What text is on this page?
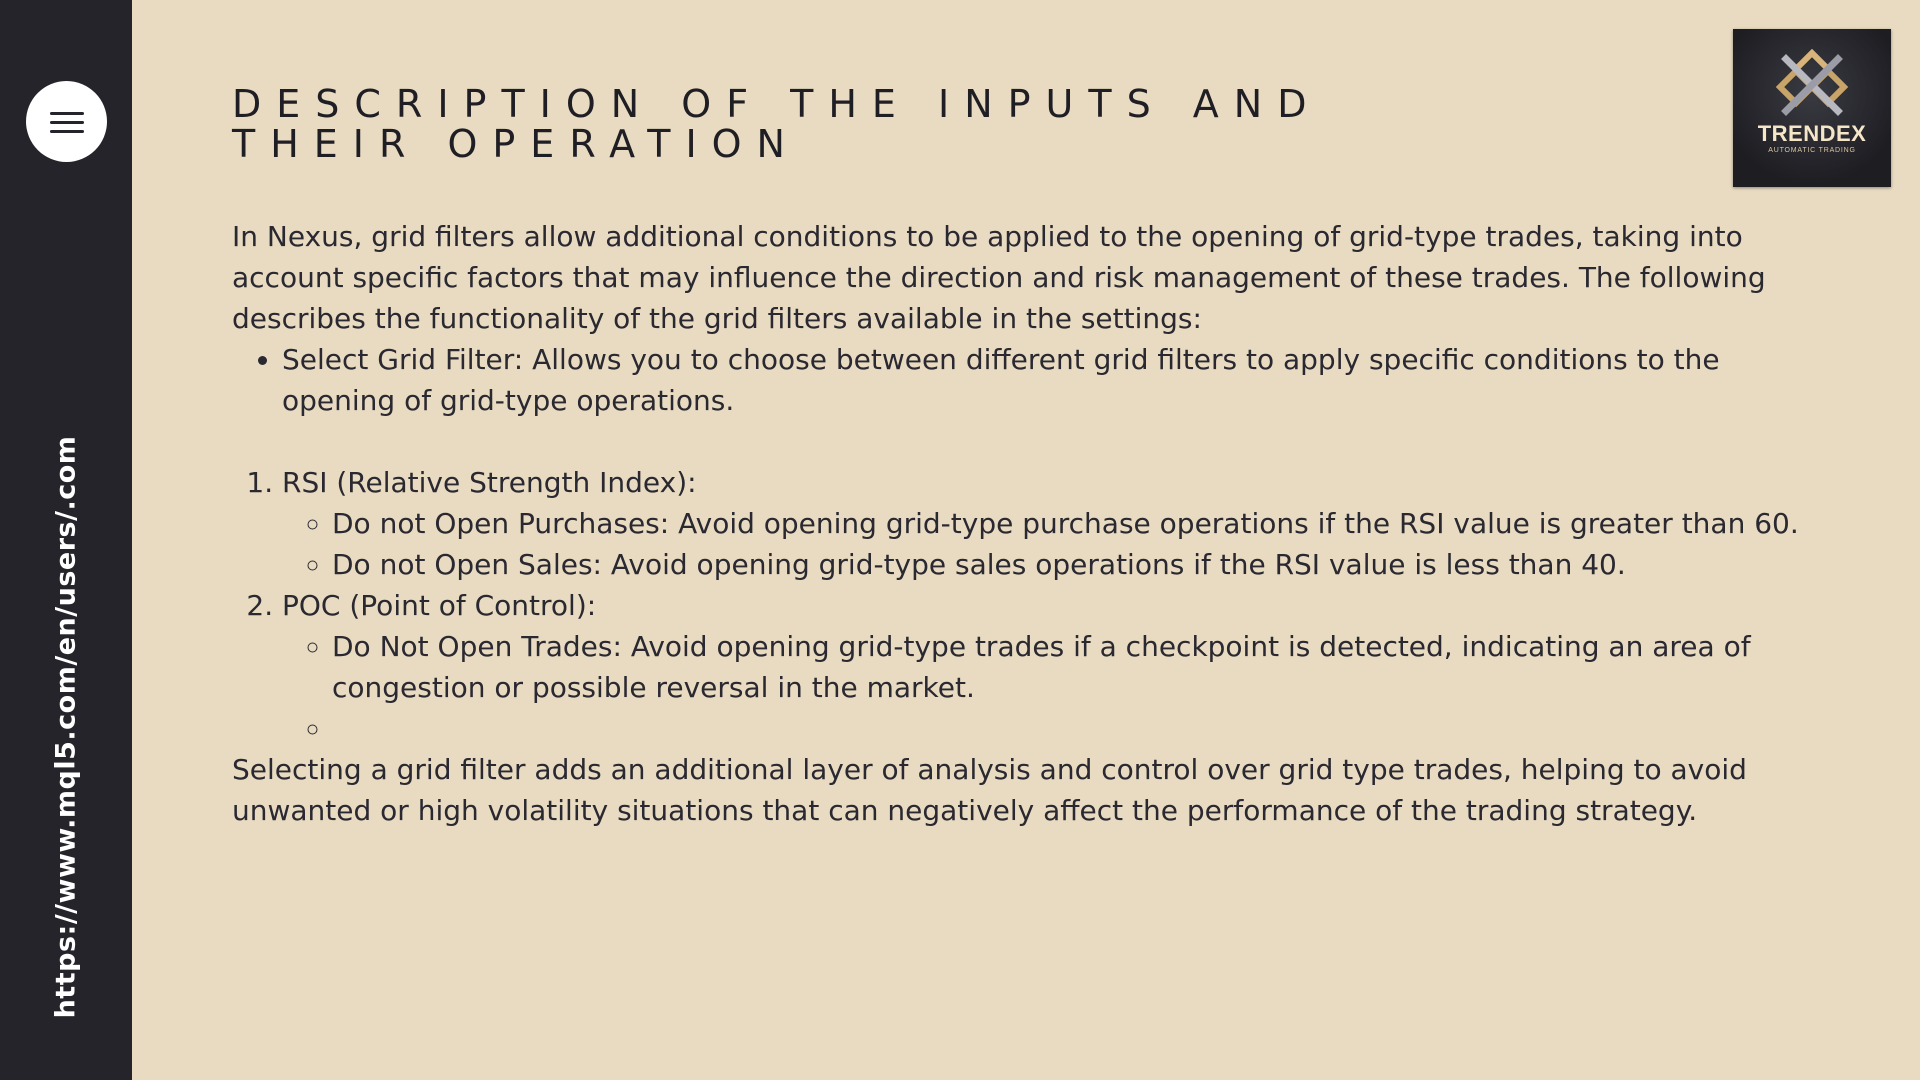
https://www.mql5.com/en/users/.com
TRENDEX
AUTOMATIC TRADING
DESCRIPTION OF THE INPUTS AND THEIR OPERATION

In Nexus, grid filters allow additional conditions to be applied to the opening of grid-type trades, taking into account specific factors that may influence the direction and risk management of these trades. The following describes the functionality of the grid filters available in the settings:

• Select Grid Filter: Allows you to choose between different grid filters to apply specific conditions to the opening of grid-type operations.
1. RSI (Relative Strength Index):
◦ Do not Open Purchases: Avoid opening grid-type purchase operations if the RSI value is greater than 60.
◦ Do not Open Sales: Avoid opening grid-type sales operations if the RSI value is less than 40.
2. POC (Point of Control):
◦ Do Not Open Trades: Avoid opening grid-type trades if a checkpoint is detected, indicating an area of congestion or possible reversal in the market.
◦

Selecting a grid filter adds an additional layer of analysis and control over grid type trades, helping to avoid unwanted or high volatility situations that can negatively affect the performance of the trading strategy.
